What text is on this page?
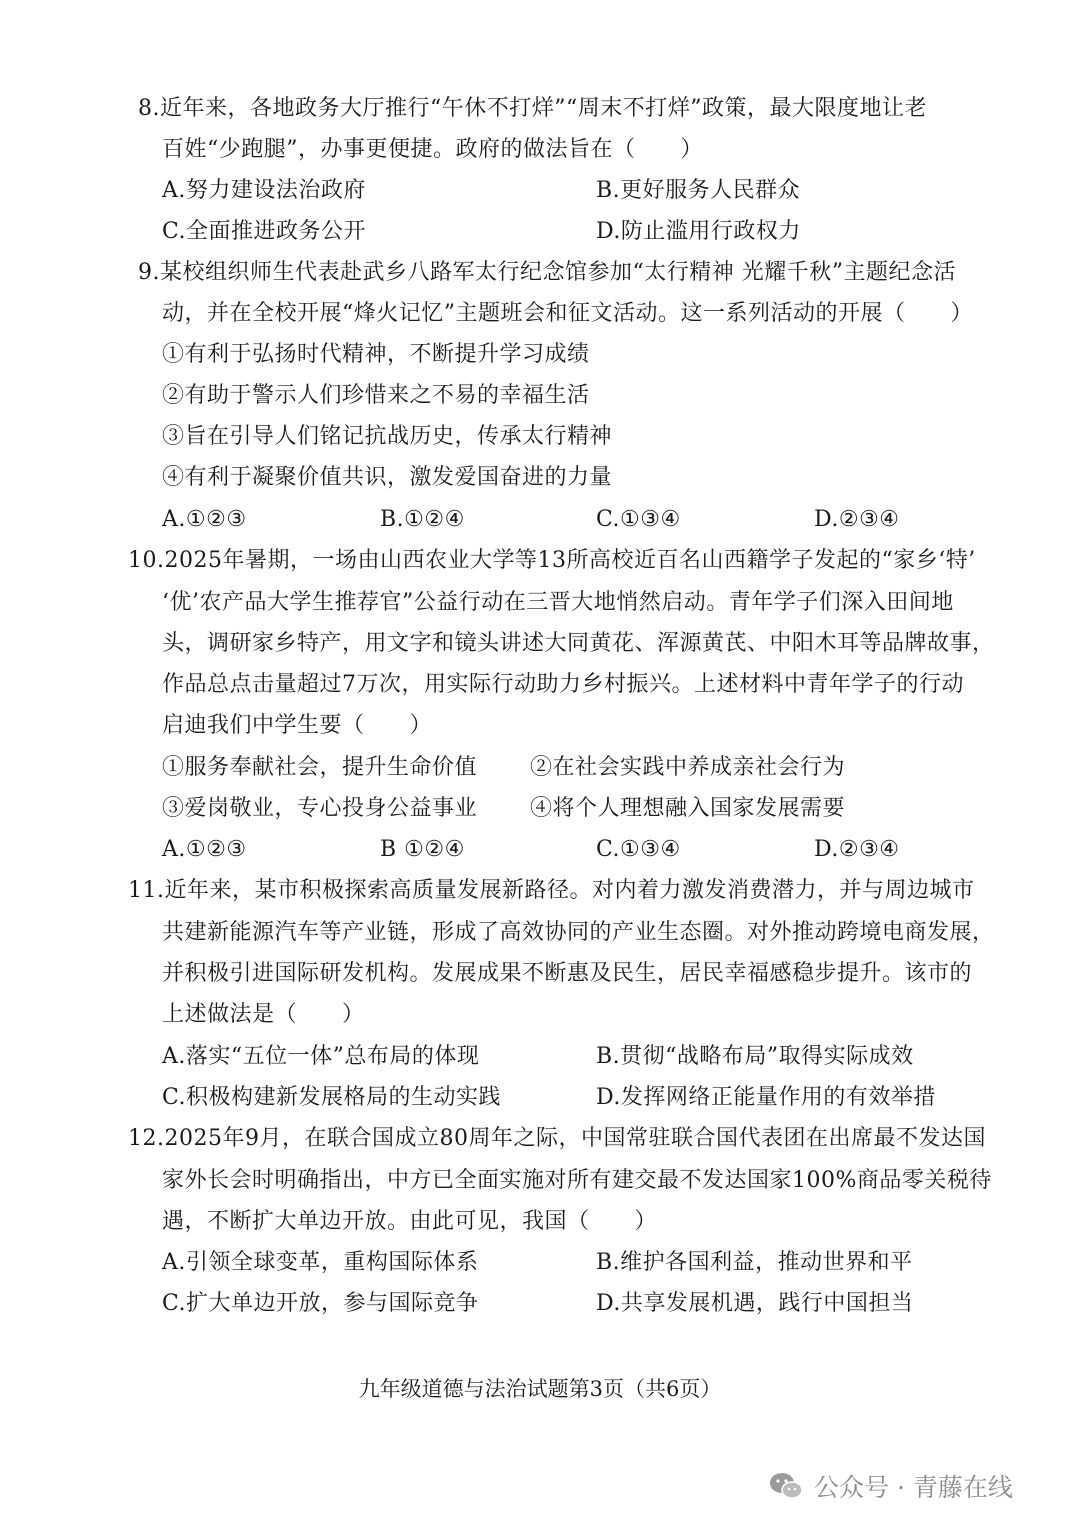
8.近年来，各地政务大厅推行“午休不打烊”“周末不打烊”政策，最大限度地让老
百姓“少跑腿”，办事更便捷。政府的做法旨在（　　）
A.努力建设法治政府	B.更好服务人民群众
C.全面推进政务公开	D.防止滥用行政权力
9.某校组织师生代表赴武乡八路军太行纪念馆参加“太行精神 光耀千秋”主题纪念活
动，并在全校开展“烽火记忆”主题班会和征文活动。这一系列活动的开展（　　）
①有利于弘扬时代精神，不断提升学习成绩
②有助于警示人们珍惜来之不易的幸福生活
③旨在引导人们铭记抗战历史，传承太行精神
④有利于凝聚价值共识，激发爱国奋进的力量
A.①②③	B.①②④	C.①③④	D.②③④
10.2025年暑期，一场由山西农业大学等13所高校近百名山西籍学子发起的“家乡‘特’
‘优’农产品大学生推荐官”公益行动在三晋大地悄然启动。青年学子们深入田间地
头，调研家乡特产，用文字和镜头讲述大同黄花、浑源黄芪、中阳木耳等品牌故事，
作品总点击量超过7万次，用实际行动助力乡村振兴。上述材料中青年学子的行动
启迪我们中学生要（　　）
①服务奉献社会，提升生命价值 ②在社会实践中养成亲社会行为
③爱岗敬业，专心投身公益事业 ④将个人理想融入国家发展需要
A.①②③	B ①②④	C.①③④	D.②③④
11.近年来，某市积极探索高质量发展新路径。对内着力激发消费潜力，并与周边城市
共建新能源汽车等产业链，形成了高效协同的产业生态圈。对外推动跨境电商发展，
并积极引进国际研发机构。发展成果不断惠及民生，居民幸福感稳步提升。该市的
上述做法是（　　）
A.落实“五位一体”总布局的体现	B.贯彻“战略布局”取得实际成效
C.积极构建新发展格局的生动实践	D.发挥网络正能量作用的有效举措
12.2025年9月，在联合国成立80周年之际，中国常驻联合国代表团在出席最不发达国
家外长会时明确指出，中方已全面实施对所有建交最不发达国家100%商品零关税待
遇，不断扩大单边开放。由此可见，我国（　　）
A.引领全球变革，重构国际体系	B.维护各国利益，推动世界和平
C.扩大单边开放，参与国际竞争	D.共享发展机遇，践行中国担当
九年级道德与法治试题第3页（共6页）
公众号 · 青藤在线
